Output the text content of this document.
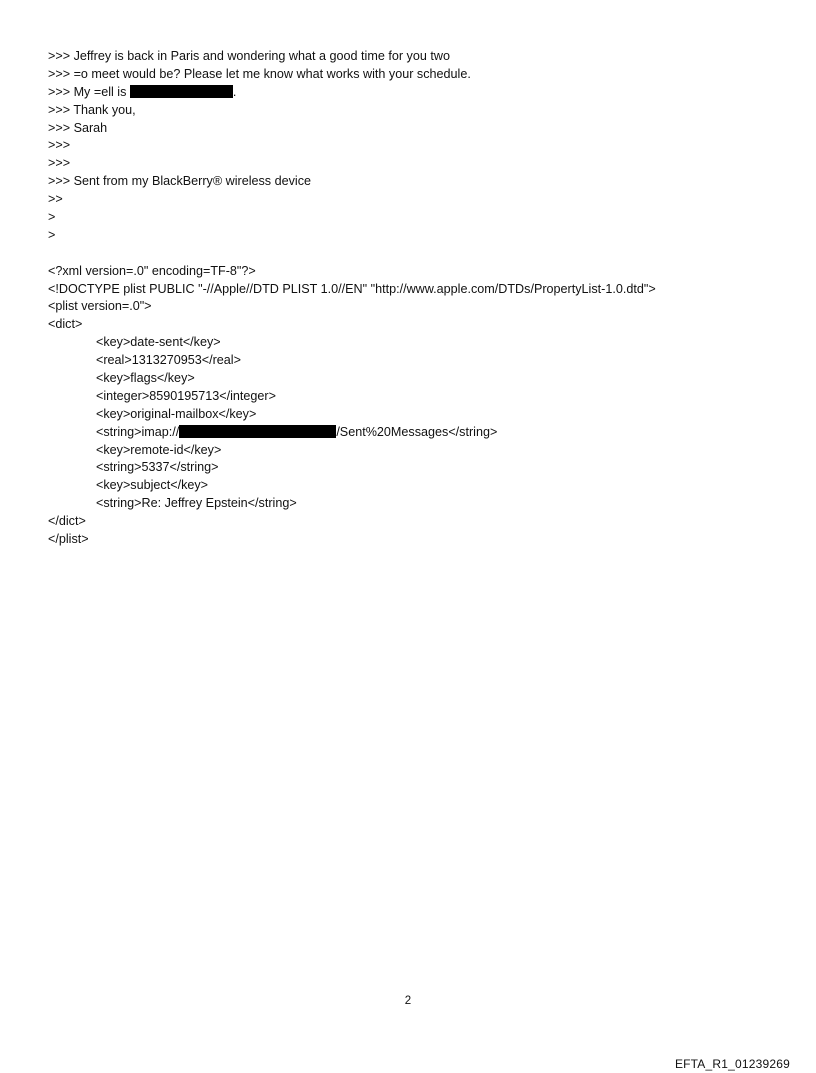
>>> Jeffrey is back in Paris and wondering what a good time for you two
>>> =o meet would be? Please let me know what works with your schedule.
>>> My =ell is	.
>>> Thank you,
>>> Sarah
>>>
>>>
>>> Sent from my BlackBerry® wireless device
>>
>
>
<?xml version=.0" encoding=TF-8"?>
<!DOCTYPE plist PUBLIC "-//Apple//DTD PLIST 1.0//EN" "http://www.apple.com/DTDs/PropertyList-1.0.dtd">
<plist version=.0">
<dict>
<key>date-sent</key>
<real>1313270953</real>
<key>flags</key>
<integer>8590195713</integer>
<key>original-mailbox</key>
<string>imap://	/Sent%20Messages</string>
<key>remote-id</key>
<string>5337</string>
<key>subject</key>
<string>Re: Jeffrey Epstein</string>
</dict>
</plist>
2
EFTA_R1_01239269
